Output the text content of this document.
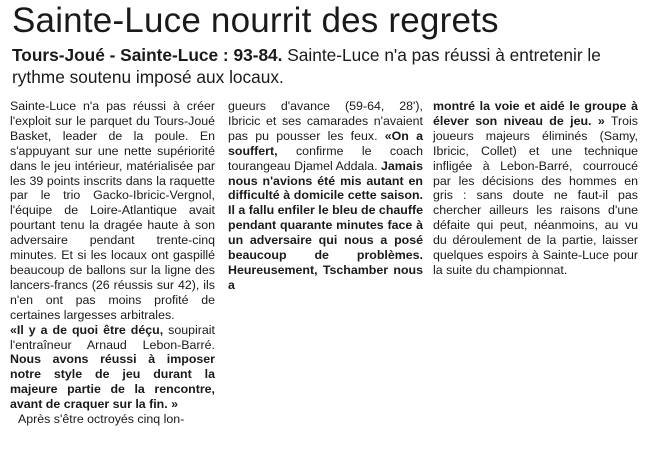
Sainte-Luce nourrit des regrets
Tours-Joué - Sainte-Luce : 93-84. Sainte-Luce n'a pas réussi à entretenir le rythme soutenu imposé aux locaux.

Sainte-Luce n'a pas réussi à créer l'exploit sur le parquet du Tours-Joué Basket, leader de la poule. En s'appuyant sur une nette supériorité dans le jeu intérieur, matérialisée par les 39 points inscrits dans la raquette par le trio Gacko-Ibricic-Vergnol, l'équipe de Loire-Atlantique avait pourtant tenu la dragée haute à son adversaire pendant trente-cinq minutes. Et si les locaux ont gaspillé beaucoup de ballons sur la ligne des lancers-francs (26 réussis sur 42), ils n'en ont pas moins profité de certaines largesses arbitrales.

«Il y a de quoi être déçu, soupirait l'entraîneur Arnaud Lebon-Barré. Nous avons réussi à imposer notre style de jeu durant la majeure partie de la rencontre, avant de craquer sur la fin. »

Après s'être octroyés cinq lon-

gueurs d'avance (59-64, 28'), Ibricic et ses camarades n'avaient pas pu pousser les feux. «On a souffert, confirme le coach tourangeau Djamel Addala. Jamais nous n'avions été mis autant en difficulté à domicile cette saison. Il a fallu enfiler le bleu de chauffe pendant quarante minutes face à un adversaire qui nous a posé beaucoup de problèmes. Heureusement, Tschamber nous a

montré la voie et aidé le groupe à élever son niveau de jeu. » Trois joueurs majeurs éliminés (Samy, Ibricic, Collet) et une technique infligée à Lebon-Barré, courroucé par les décisions des hommes en gris : sans doute ne faut-il pas chercher ailleurs les raisons d'une défaite qui peut, néanmoins, au vu du déroulement de la partie, laisser quelques espoirs à Sainte-Luce pour la suite du championnat.
